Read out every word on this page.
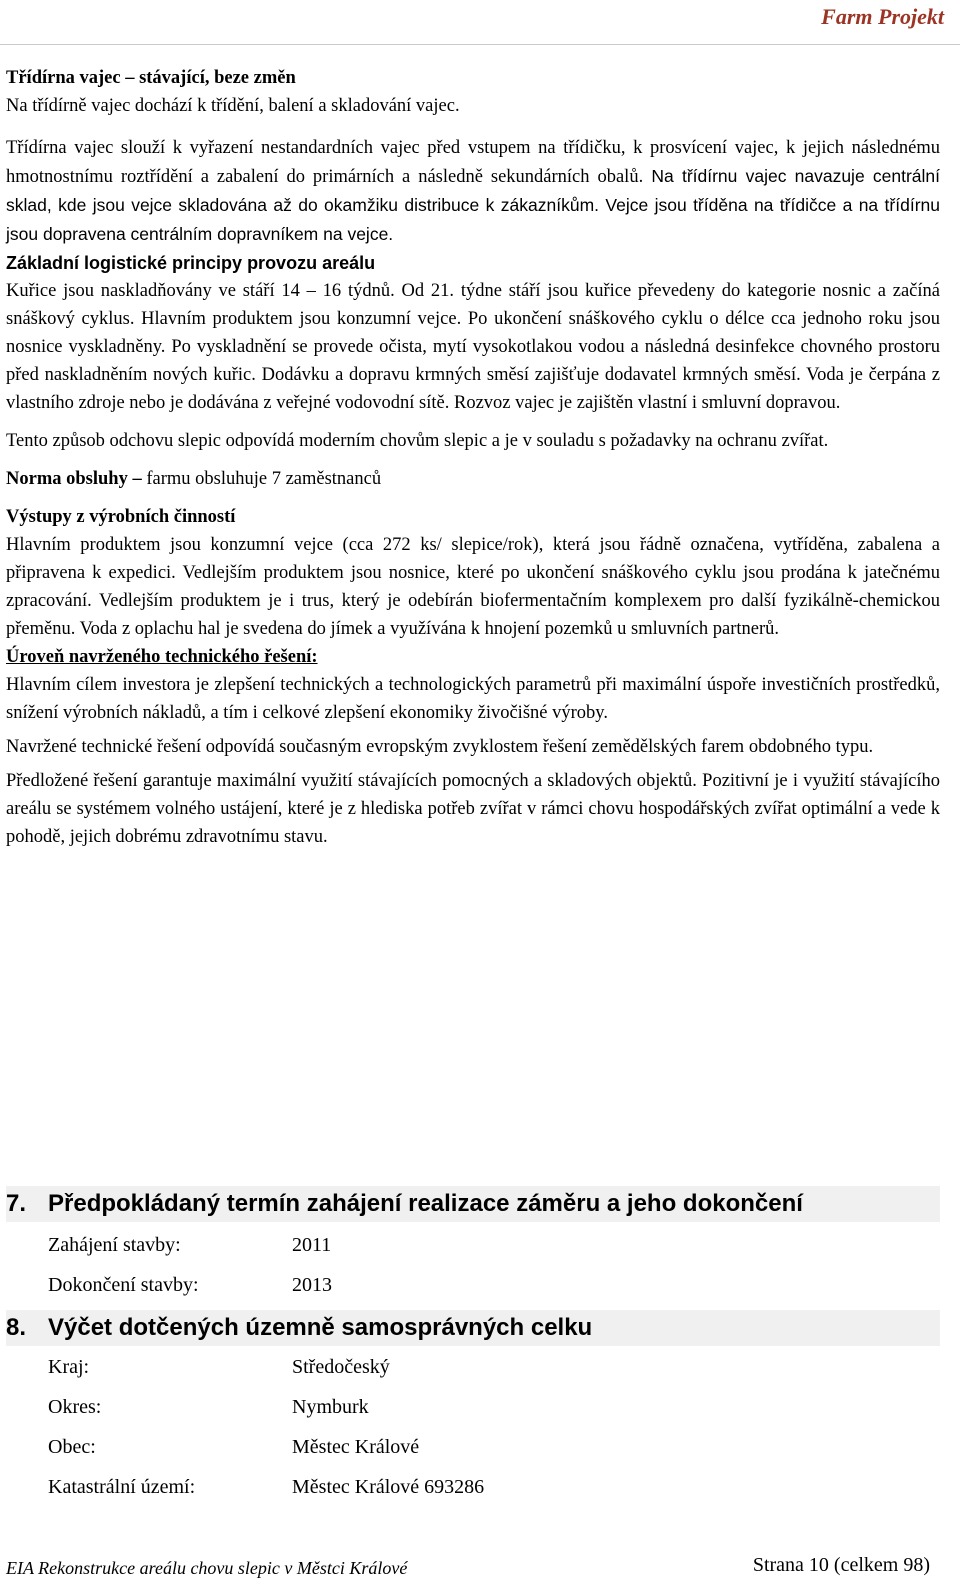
Farm Projekt

Třídírna vajec – stávající, beze změn

Na třídírně vajec dochází k třídění, balení a skladování vajec.

Třídírna vajec slouží k vyřazení nestandardních vajec před vstupem na třídičku, k prosvícení vajec, k jejich následnému hmotnostnímu roztřídění a zabalení do primárních a následně sekundárních obalů. Na třídírnu vajec navazuje centrální sklad, kde jsou vejce skladována až do okamžiku distribuce k zákazníkům. Vejce jsou tříděna na třídičce a na třídírnu jsou dopravena centrálním dopravníkem na vejce.

Základní logistické principy provozu areálu

Kuřice jsou naskladňovány ve stáří 14 – 16 týdnů. Od 21. týdne stáří jsou kuřice převedeny do kategorie nosnic a začíná snáškový cyklus. Hlavním produktem jsou konzumní vejce. Po ukončení snáškového cyklu o délce cca jednoho roku jsou nosnice vyskladněny. Po vyskladnění se provede očista, mytí vysokotlakou vodou a následná desinfekce chovného prostoru před naskladněním nových kuřic. Dodávku a dopravu krmných směsí zajišťuje dodavatel krmných směsí. Voda je čerpána z vlastního zdroje nebo je dodávána z veřejné vodovodní sítě. Rozvoz vajec je zajištěn vlastní i smluvní dopravou.

Tento způsob odchovu slepic odpovídá moderním chovům slepic a je v souladu s požadavky na ochranu zvířat.

Norma obsluhy – farmu obsluhuje 7 zaměstnanců

Výstupy z výrobních činností

Hlavním produktem jsou konzumní vejce (cca 272 ks/ slepice/rok), která jsou řádně označena, vytříděna, zabalena a připravena k expedici. Vedlejším produktem jsou nosnice, které po ukončení snáškového cyklu jsou prodána k jatečnému zpracování. Vedlejším produktem je i trus, který je odebírán biofermentačním komplexem pro další fyzikálně-chemickou přeměnu. Voda z oplachu hal je svedena do jímek a využívána k hnojení pozemků u smluvních partnerů.

Úroveň navrženého technického řešení:

Hlavním cílem investora je zlepšení technických a technologických parametrů při maximální úspoře investičních prostředků, snížení výrobních nákladů, a tím i celkové zlepšení ekonomiky živočišné výroby.

Navržené technické řešení odpovídá současným evropským zvyklostem řešení zemědělských farem obdobného typu.

Předložené řešení garantuje maximální využití stávajících pomocných a skladových objektů. Pozitivní je i využití stávajícího areálu se systémem volného ustájení, které je z hlediska potřeb zvířat v rámci chovu hospodářských zvířat optimální a vede k pohodě, jejich dobrému zdravotnímu stavu.

7. Předpokládaný termín zahájení realizace záměru a jeho dokončení
Zahájení stavby:	2011
Dokončení stavby:	2013
8. Výčet dotčených územně samosprávných celku
Kraj:	Středočeský
Okres:	Nymburk
Obec:	Městec Králové
Katastrální území:	Městec Králové 693286
EIA Rekonstrukce areálu chovu slepic v Městci Králové	Strana 10 (celkem 98)
